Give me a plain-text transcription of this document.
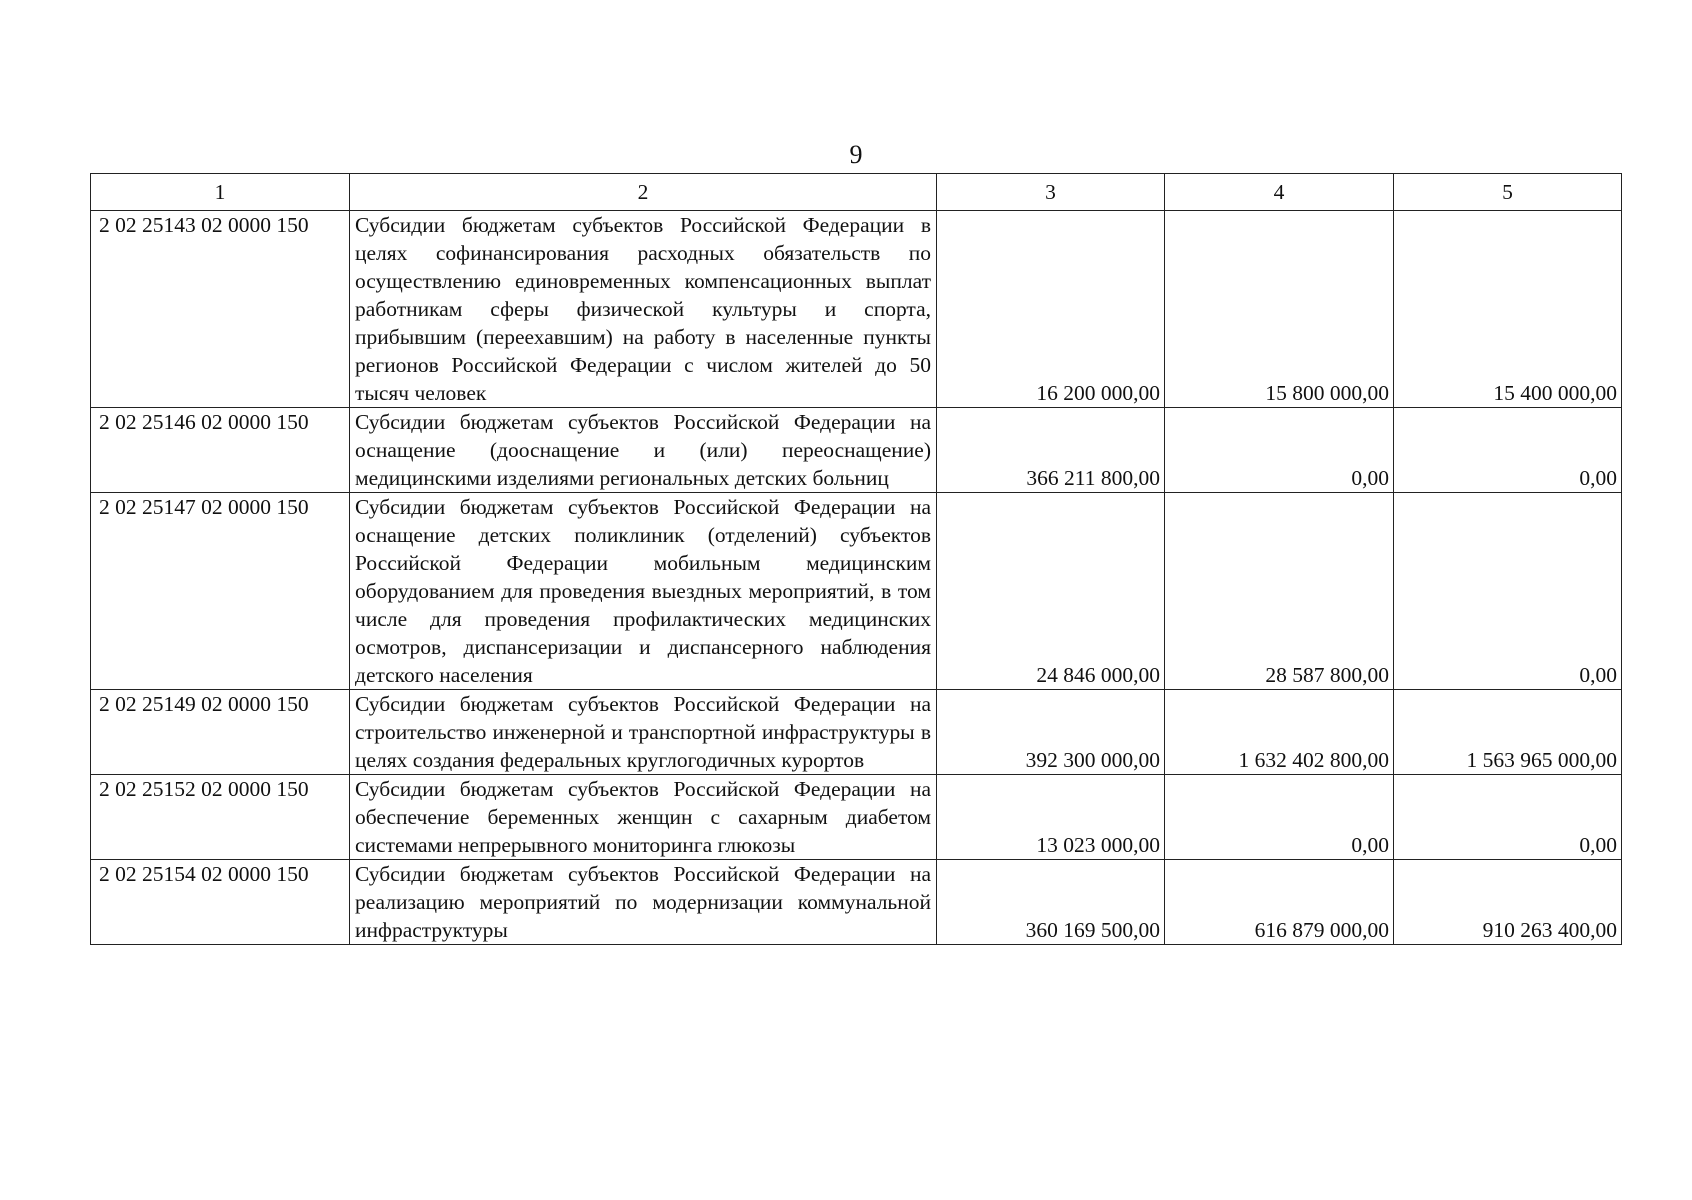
9
1	2	3	4	5
2 02 25143 02 0000 150	Субсидии бюджетам субъектов Российской Федерации в целях софинансирования расходных обязательств по осуществлению единовременных компенсационных выплат работникам сферы физической культуры и спорта, прибывшим (переехавшим) на работу в населенные пункты регионов Российской Федерации с числом жителей до 50 тысяч человек	16 200 000,00	15 800 000,00	15 400 000,00
2 02 25146 02 0000 150	Субсидии бюджетам субъектов Российской Федерации на оснащение (дооснащение и (или) переоснащение) медицинскими изделиями региональных детских больниц	366 211 800,00	0,00	0,00
2 02 25147 02 0000 150	Субсидии бюджетам субъектов Российской Федерации на оснащение детских поликлиник (отделений) субъектов Российской Федерации мобильным медицинским оборудованием для проведения выездных мероприятий, в том числе для проведения профилактических медицинских осмотров, диспансеризации и диспансерного наблюдения детского населения	24 846 000,00	28 587 800,00	0,00
2 02 25149 02 0000 150	Субсидии бюджетам субъектов Российской Федерации на строительство инженерной и транспортной инфраструктуры в целях создания федеральных круглогодичных курортов	392 300 000,00	1 632 402 800,00	1 563 965 000,00
2 02 25152 02 0000 150	Субсидии бюджетам субъектов Российской Федерации на обеспечение беременных женщин с сахарным диабетом системами непрерывного мониторинга глюкозы	13 023 000,00	0,00	0,00
2 02 25154 02 0000 150	Субсидии бюджетам субъектов Российской Федерации на реализацию мероприятий по модернизации коммунальной инфраструктуры	360 169 500,00	616 879 000,00	910 263 400,00
